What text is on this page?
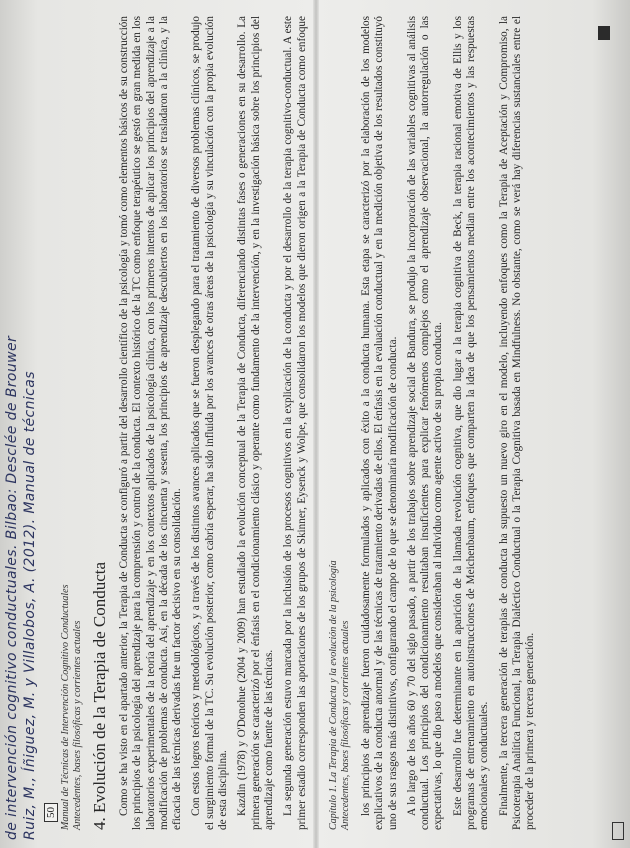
Manual de Técnicas de Intervención Cognitivo Conductuales Antecedentes, bases filosóficas y corrientes actuales 4. Evolución de la Terapia de Conducta Como se ha visto en el apartado anterior, la Terapia de Conducta se configuró a partir del desarrollo científico de la psicología y tomó como elementos básicos de su construcción los principios de la psicología del aprendizaje para la comprensión y control de la conducta. El contexto histórico de la TC como enfoque terapéutico se gestó en gran medida en los laboratorios experimentales de la teoría del aprendizaje y en los contextos aplicados de la psicología clínica, con los primeros intentos de aplicar los principios del aprendizaje a la modificación de problemas de conducta. Así, en la década de los cincuenta y sesenta, los principios de aprendizaje descubiertos en los laboratorios se trasladaron a la clínica, y la eficacia de las técnicas derivadas fue un factor decisivo en su consolidación. Con estos logros teóricos y metodológicos, y a través de los distintos avances aplicados que se fueron desplegando para el tratamiento de diversos problemas clínicos, se produjo el surgimiento formal de la TC. Su evolución posterior, como cabría esperar, ha sido influida por los avances de otras áreas de la psicología y su vinculación con la propia evolución de esta disciplina. Kazdin (1978) y O'Donohue (2004 y 2009) han estudiado la evolución conceptual de la Terapia de Conducta, diferenciando distintas fases o generaciones en su desarrollo. La primera generación se caracterizó por el énfasis en el condicionamiento clásico y operante como fundamento de la intervención, y en la investigación básica sobre los principios del aprendizaje como fuente de las técnicas. La segunda generación estuvo marcada por la inclusión de los procesos cognitivos en la explicación de la conducta y por el desarrollo de la terapia cognitivo-conductual. A este primer estadio corresponden las aportaciones de los grupos de Skinner, Eysenck y Wolpe, que consolidaron los modelos que dieron origen a la Terapia de Conducta como enfoque

50
Ruiz, M., Íñiguez, M. y Villalobos, A. (2012). Manual de técnicas
de intervención cognitivo conductuales. Bilbao: Desclée de Brouwer	Capítulo 1. La Terapia de Conducta y la evolución de la psicología Antecedentes, bases filosóficas y corrientes actuales los principios de aprendizaje fueron cuidadosamente formulados y aplicados con éxito a la conducta humana. Esta etapa se caracterizó por la elaboración de los modelos explicativos de la conducta anormal y de las técnicas de tratamiento derivadas de ellos. El énfasis en la evaluación conductual y en la medición objetiva de los resultados constituyó uno de sus rasgos más distintivos, configurando el campo de lo que se denominaría modificación de conducta. A lo largo de los años 60 y 70 del siglo pasado, a partir de los trabajos sobre aprendizaje social de Bandura, se produjo la incorporación de las variables cognitivas al análisis conductual. Los principios del condicionamiento resultaban insuficientes para explicar fenómenos complejos como el aprendizaje observacional, la autorregulación o las expectativas, lo que dio paso a modelos que consideraban al individuo como agente activo de su propia conducta. Este desarrollo fue determinante en la aparición de la llamada revolución cognitiva, que dio lugar a la terapia cognitiva de Beck, la terapia racional emotiva de Ellis y los programas de entrenamiento en autoinstrucciones de Meichenbaum, enfoques que comparten la idea de que los pensamientos median entre los acontecimientos y las respuestas emocionales y conductuales. Finalmente, la tercera generación de terapias de conducta ha supuesto un nuevo giro en el modelo, incluyendo enfoques como la Terapia de Aceptación y Compromiso, la Psicoterapia Analítica Funcional, la Terapia Dialéctico Conductual o la Terapia Cognitiva basada en Mindfulness. No obstante, como se verá hay diferencias sustanciales entre el proceder de la primera y tercera generación.
